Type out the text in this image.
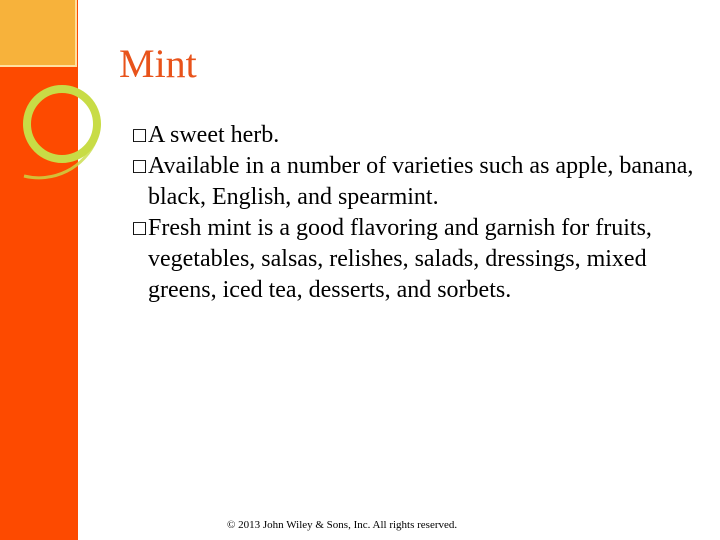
Mint
□ A sweet herb.
□ Available in a number of varieties such as apple, banana, black, English, and spearmint.
□ Fresh mint is a good flavoring and garnish for fruits, vegetables, salsas, relishes, salads, dressings, mixed greens, iced tea, desserts, and sorbets.

© 2013 John Wiley & Sons, Inc. All rights reserved.
